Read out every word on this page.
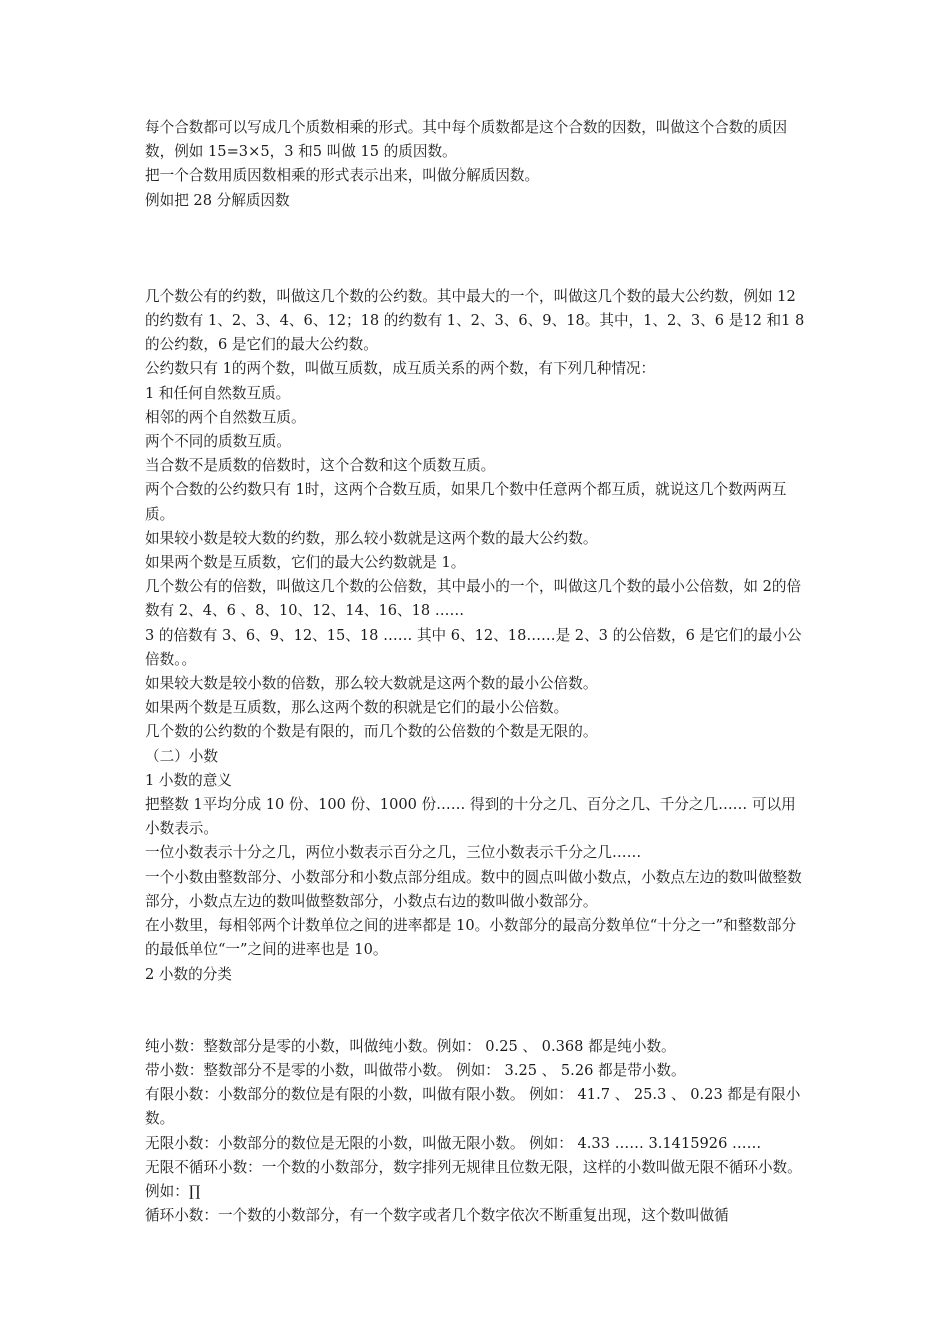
每个合数都可以写成几个质数相乘的形式。其中每个质数都是这个合数的因数，叫做这个合数的质因数，例如 15=3×5，3 和5 叫做 15 的质因数。

把一个合数用质因数相乘的形式表示出来，叫做分解质因数。

例如把 28 分解质因数

几个数公有的约数，叫做这几个数的公约数。其中最大的一个，叫做这几个数的最大公约数，例如 12 的约数有 1、2、3、4、6、12；18 的约数有 1、2、3、6、9、18。其中，1、2、3、6 是12 和1 8 的公约数，6 是它们的最大公约数。

公约数只有 1的两个数，叫做互质数，成互质关系的两个数，有下列几种情况：

1 和任何自然数互质。

相邻的两个自然数互质。

两个不同的质数互质。

当合数不是质数的倍数时，这个合数和这个质数互质。

两个合数的公约数只有 1时，这两个合数互质，如果几个数中任意两个都互质，就说这几个数两两互质。

如果较小数是较大数的约数，那么较小数就是这两个数的最大公约数。

如果两个数是互质数，它们的最大公约数就是 1。

几个数公有的倍数，叫做这几个数的公倍数，其中最小的一个，叫做这几个数的最小公倍数，如 2的倍数有 2、4、6 、8、10、12、14、16、18 ……

3 的倍数有 3、6、9、12、15、18 …… 其中 6、12、18……是 2、3 的公倍数，6 是它们的最小公倍数。。

如果较大数是较小数的倍数，那么较大数就是这两个数的最小公倍数。

如果两个数是互质数，那么这两个数的积就是它们的最小公倍数。

几个数的公约数的个数是有限的，而几个数的公倍数的个数是无限的。

（二）小数

1 小数的意义

把整数 1平均分成 10 份、100 份、1000 份…… 得到的十分之几、百分之几、千分之几…… 可以用小数表示。

一位小数表示十分之几，两位小数表示百分之几，三位小数表示千分之几……

一个小数由整数部分、小数部分和小数点部分组成。数中的圆点叫做小数点，小数点左边的数叫做整数部分，小数点左边的数叫做整数部分，小数点右边的数叫做小数部分。

在小数里，每相邻两个计数单位之间的进率都是 10。小数部分的最高分数单位“十分之一”和整数部分的最低单位“一”之间的进率也是 10。

2 小数的分类

纯小数：整数部分是零的小数，叫做纯小数。例如： 0.25 、 0.368 都是纯小数。

带小数：整数部分不是零的小数，叫做带小数。 例如： 3.25 、 5.26 都是带小数。

有限小数：小数部分的数位是有限的小数，叫做有限小数。 例如： 41.7 、 25.3 、 0.23 都是有限小数。

无限小数：小数部分的数位是无限的小数，叫做无限小数。 例如： 4.33 …… 3.1415926 ……

无限不循环小数：一个数的小数部分，数字排列无规律且位数无限，这样的小数叫做无限不循环小数。 例如：∏

循环小数：一个数的小数部分，有一个数字或者几个数字依次不断重复出现，这个数叫做循
